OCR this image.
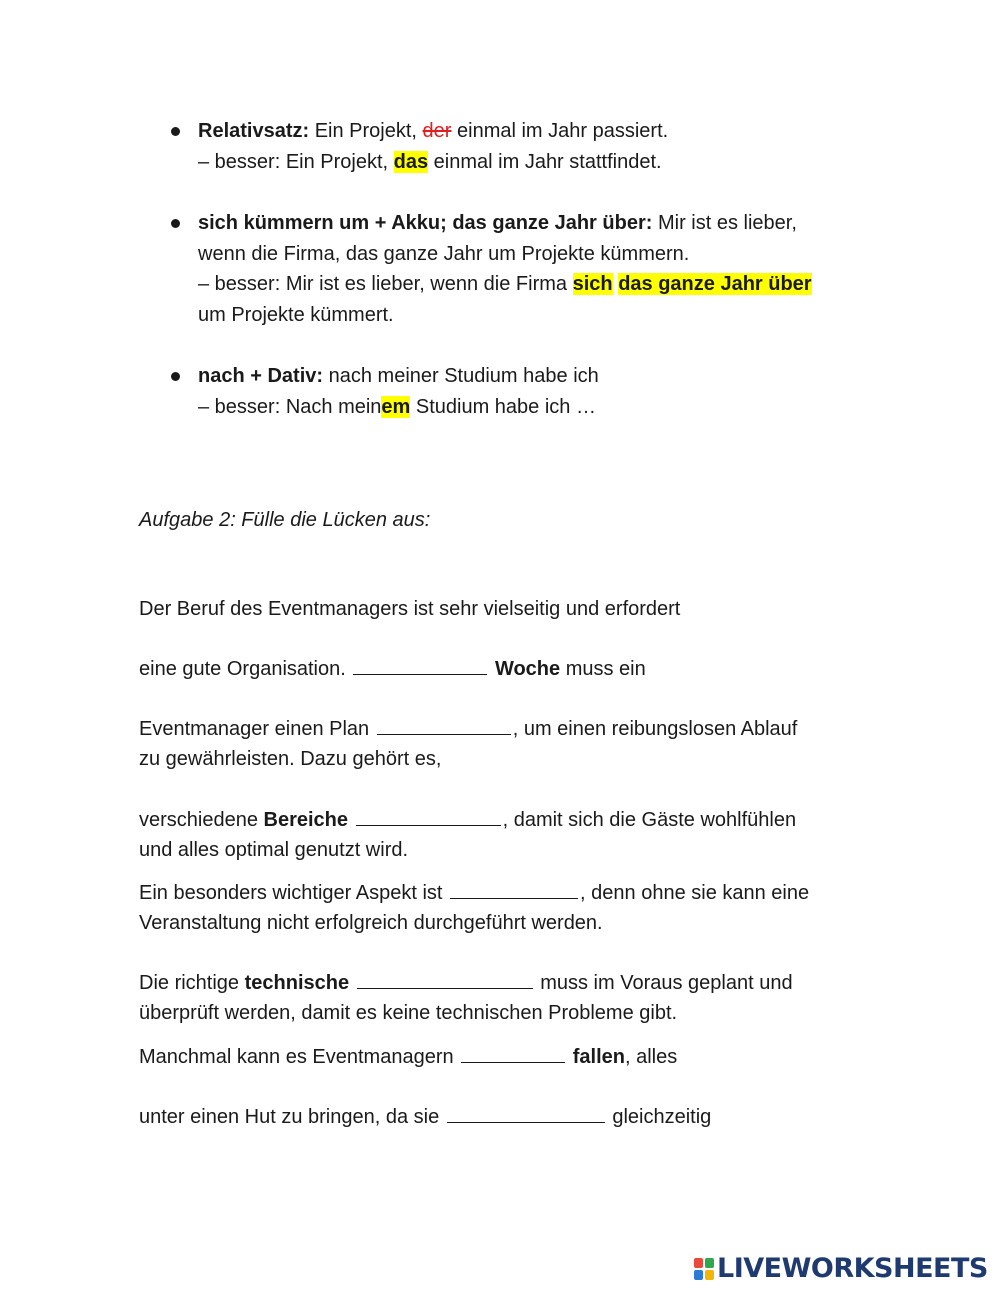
Relativsatz: Ein Projekt, der einmal im Jahr passiert.
– besser: Ein Projekt, das einmal im Jahr stattfindet.
sich kümmern um + Akku; das ganze Jahr über: Mir ist es lieber,
wenn die Firma, das ganze Jahr um Projekte kümmern.
– besser: Mir ist es lieber, wenn die Firma sich das ganze Jahr über
um Projekte kümmert.
nach + Dativ: nach meiner Studium habe ich
– besser: Nach meinem Studium habe ich …
Aufgabe 2: Fülle die Lücken aus:
Der Beruf des Eventmanagers ist sehr vielseitig und erfordert
eine gute Organisation.	Woche muss ein
Eventmanager einen Plan	, um einen reibungslosen Ablauf
zu gewährleisten. Dazu gehört es,
verschiedene Bereiche	, damit sich die Gäste wohlfühlen
und alles optimal genutzt wird.
Ein besonders wichtiger Aspekt ist	, denn ohne sie kann eine
Veranstaltung nicht erfolgreich durchgeführt werden.
Die richtige technische	muss im Voraus geplant und
überprüft werden, damit es keine technischen Probleme gibt.
Manchmal kann es Eventmanagern	fallen, alles
unter einen Hut zu bringen, da sie	gleichzeitig
LIVEWORKSHEETS
